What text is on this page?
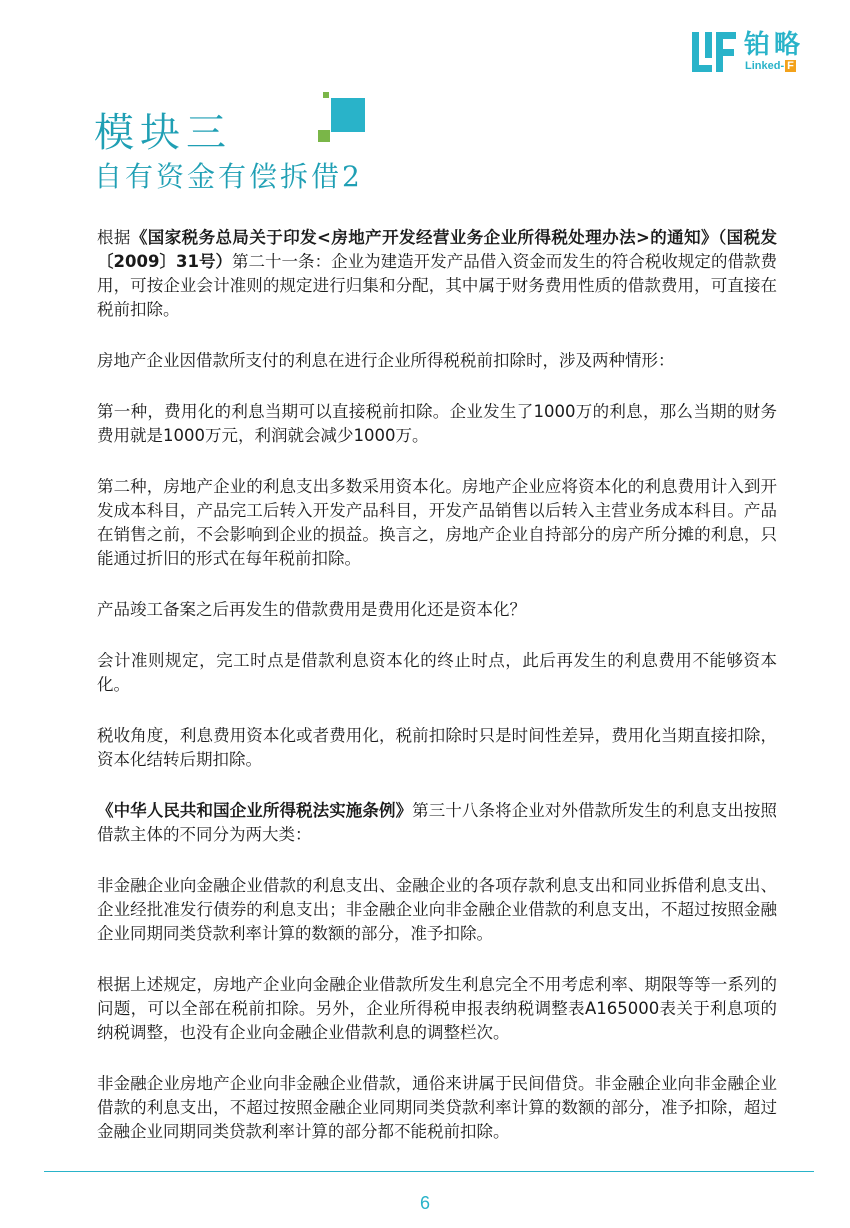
铂略
Linked- F
模块三
自有资金有偿拆借2

根据《国家税务总局关于印发<房地产开发经营业务企业所得税处理办法>的通知》（国税发〔2009〕31号）第二十一条：企业为建造开发产品借入资金而发生的符合税收规定的借款费用，可按企业会计准则的规定进行归集和分配，其中属于财务费用性质的借款费用，可直接在税前扣除。

房地产企业因借款所支付的利息在进行企业所得税税前扣除时，涉及两种情形：

第一种，费用化的利息当期可以直接税前扣除。企业发生了1000万的利息，那么当期的财务费用就是1000万元，利润就会减少1000万。

第二种，房地产企业的利息支出多数采用资本化。房地产企业应将资本化的利息费用计入到开发成本科目，产品完工后转入开发产品科目，开发产品销售以后转入主营业务成本科目。产品在销售之前，不会影响到企业的损益。换言之，房地产企业自持部分的房产所分摊的利息，只能通过折旧的形式在每年税前扣除。

产品竣工备案之后再发生的借款费用是费用化还是资本化？

会计准则规定，完工时点是借款利息资本化的终止时点，此后再发生的利息费用不能够资本化。

税收角度，利息费用资本化或者费用化，税前扣除时只是时间性差异，费用化当期直接扣除，资本化结转后期扣除。

《中华人民共和国企业所得税法实施条例》第三十八条将企业对外借款所发生的利息支出按照借款主体的不同分为两大类：

非金融企业向金融企业借款的利息支出、金融企业的各项存款利息支出和同业拆借利息支出、企业经批准发行债券的利息支出；非金融企业向非金融企业借款的利息支出，不超过按照金融企业同期同类贷款利率计算的数额的部分，准予扣除。

根据上述规定，房地产企业向金融企业借款所发生利息完全不用考虑利率、期限等等一系列的问题，可以全部在税前扣除。另外，企业所得税申报表纳税调整表A165000表关于利息项的纳税调整，也没有企业向金融企业借款利息的调整栏次。

非金融企业房地产企业向非金融企业借款，通俗来讲属于民间借贷。非金融企业向非金融企业借款的利息支出，不超过按照金融企业同期同类贷款利率计算的数额的部分，准予扣除，超过金融企业同期同类贷款利率计算的部分都不能税前扣除。

6
